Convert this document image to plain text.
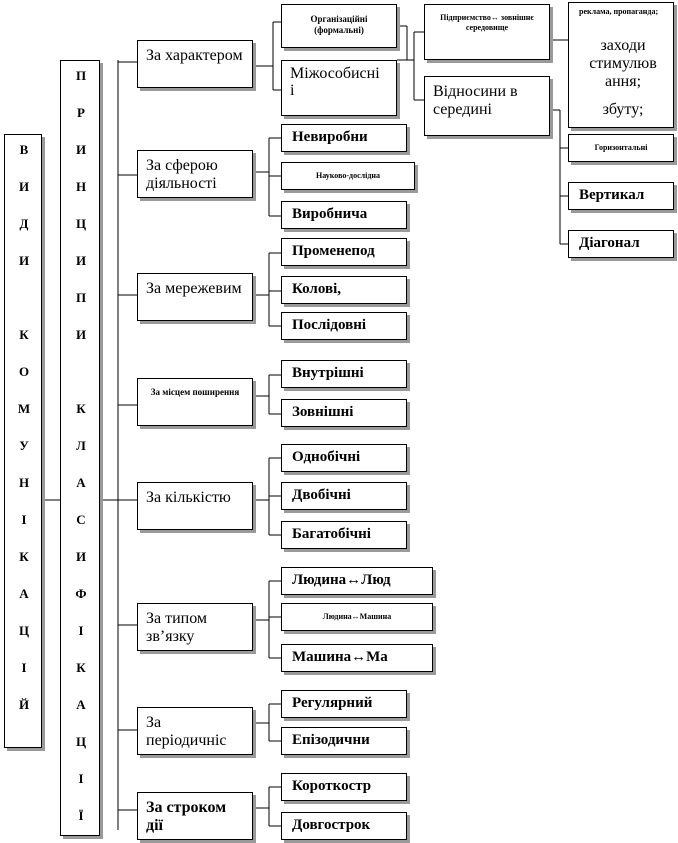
В
И
Д
И
К
О
М
У
Н
І
К
А
Ц
І
Й
П
Р
И
Н
Ц
И
П
И
К
Л
А
С
И
Ф
І
К
А
Ц
І
Ї
За характером
За сферою діяльності
За мережевим
За місцем поширення
За кількістю
За типом зв’язку
За періодичніс
За строком дії
Організаційні (формальні)
Міжособисні і
Невиробни
Науково-дослідна
Виробнича
Променепод
Колові,
Послідовні
Внутрішні
Зовнішні
Однобічні
Двобічні
Багатобічні
Людина↔Люд
Людина↔Машина
Машина↔Ма
Регулярний
Епізодични
Короткостр
Довгострок
Підприємство↔ зовнішнє середовище
Відносини в середині
Горизонтальні
Вертикал
Діагонал
реклама, пропаганда;
заходи стимулюв ання;
збуту;
